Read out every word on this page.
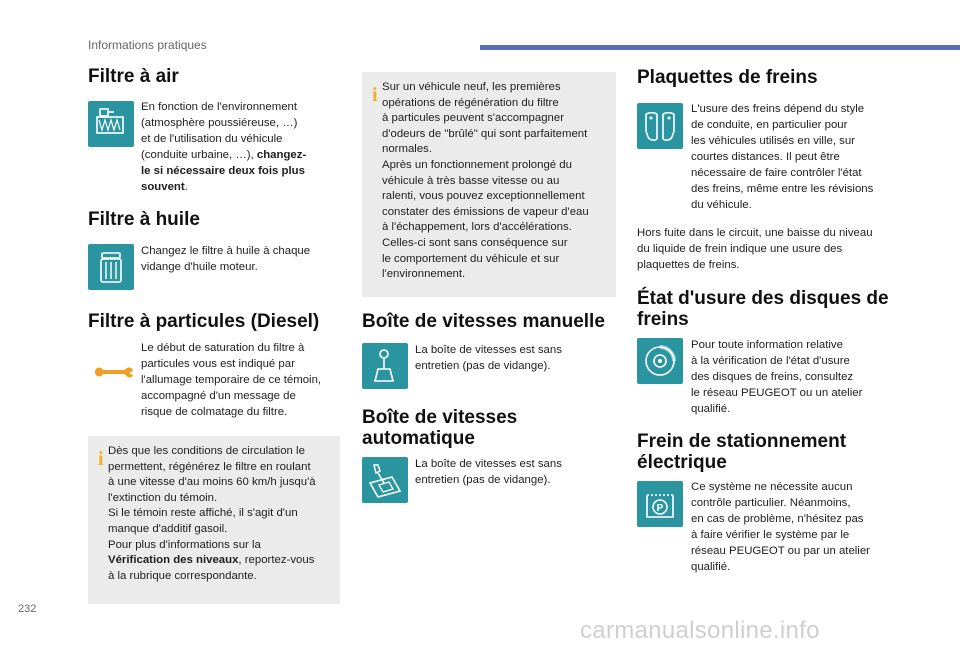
Informations pratiques
Filtre à air
En fonction de l'environnement
(atmosphère poussiéreuse, …)
et de l'utilisation du véhicule
(conduite urbaine, …), changez-
le si nécessaire deux fois plus
souvent.
Filtre à huile
Changez le filtre à huile à chaque
vidange d'huile moteur.
Filtre à particules (Diesel)
Le début de saturation du filtre à
particules vous est indiqué par
l'allumage temporaire de ce témoin,
accompagné d'un message de
risque de colmatage du filtre.
i Dès que les conditions de circulation le
permettent, régénérez le filtre en roulant
à une vitesse d'au moins 60 km/h jusqu'à
l'extinction du témoin.
Si le témoin reste affiché, il s'agit d'un
manque d'additif gasoil.
Pour plus d'informations sur la
Vérification des niveaux, reportez-vous
à la rubrique correspondante.
i Sur un véhicule neuf, les premières
opérations de régénération du filtre
à particules peuvent s'accompagner
d'odeurs de "brûlé" qui sont parfaitement
normales.
Après un fonctionnement prolongé du
véhicule à très basse vitesse ou au
ralenti, vous pouvez exceptionnellement
constater des émissions de vapeur d'eau
à l'échappement, lors d'accélérations.
Celles-ci sont sans conséquence sur
le comportement du véhicule et sur
l'environnement.
Boîte de vitesses manuelle
La boîte de vitesses est sans
entretien (pas de vidange).
Boîte de vitesses
automatique
La boîte de vitesses est sans
entretien (pas de vidange).
Plaquettes de freins
L'usure des freins dépend du style
de conduite, en particulier pour
les véhicules utilisés en ville, sur
courtes distances. Il peut être
nécessaire de faire contrôler l'état
des freins, même entre les révisions
du véhicule.
Hors fuite dans le circuit, une baisse du niveau
du liquide de frein indique une usure des
plaquettes de freins.
État d'usure des disques de
freins
Pour toute information relative
à la vérification de l'état d'usure
des disques de freins, consultez
le réseau PEUGEOT ou un atelier
qualifié.
Frein de stationnement
électrique
P
Ce système ne nécessite aucun
contrôle particulier. Néanmoins,
en cas de problème, n'hésitez pas
à faire vérifier le système par le
réseau PEUGEOT ou par un atelier
qualifié.
232
carmanualsonline.info
